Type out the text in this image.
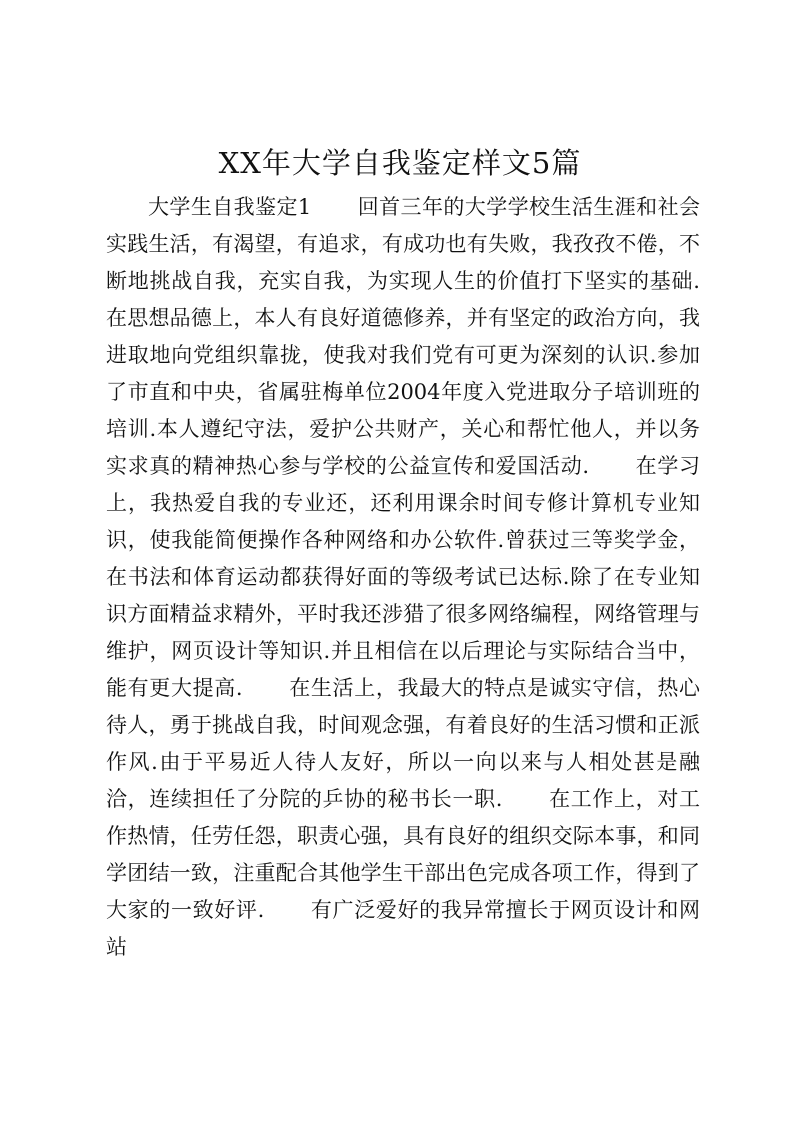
XX年大学自我鉴定样文5篇
大学生自我鉴定1 回首三年的大学学校生活生涯和社会实践生活，有渴望，有追求，有成功也有失败，我孜孜不倦，不断地挑战自我，充实自我，为实现人生的价值打下坚实的基础.在思想品德上，本人有良好道德修养，并有坚定的政治方向，我进取地向党组织靠拢，使我对我们党有可更为深刻的认识.参加了市直和中央，省属驻梅单位2004年度入党进取分子培训班的培训.本人遵纪守法，爱护公共财产，关心和帮忙他人，并以务实求真的精神热心参与学校的公益宣传和爱国活动. 在学习上，我热爱自我的专业还，还利用课余时间专修计算机专业知识，使我能简便操作各种网络和办公软件.曾获过三等奖学金，在书法和体育运动都获得好面的等级考试已达标.除了在专业知识方面精益求精外，平时我还涉猎了很多网络编程，网络管理与维护，网页设计等知识.并且相信在以后理论与实际结合当中，能有更大提高. 在生活上，我最大的特点是诚实守信，热心待人，勇于挑战自我，时间观念强，有着良好的生活习惯和正派作风.由于平易近人待人友好，所以一向以来与人相处甚是融洽，连续担任了分院的乒协的秘书长一职. 在工作上，对工作热情，任劳任怨，职责心强，具有良好的组织交际本事，和同学团结一致，注重配合其他学生干部出色完成各项工作，得到了大家的一致好评. 有广泛爱好的我异常擅长于网页设计和网站
